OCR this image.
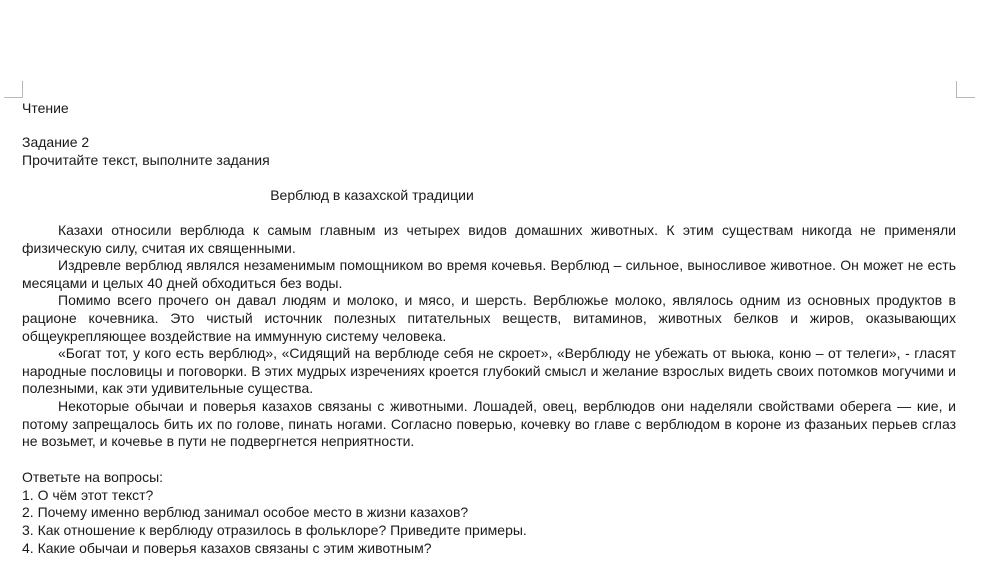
Чтение

Задание 2

Прочитайте текст, выполните задания

Верблюд в казахской традиции

Казахи относили верблюда к самым главным из четырех видов домашних животных. К этим существам никогда не применяли физическую силу, считая их священными.

Издревле верблюд являлся незаменимым помощником во время кочевья. Верблюд – сильное, выносливое животное. Он может не есть месяцами и целых 40 дней обходиться без воды.

Помимо всего прочего он давал людям и молоко, и мясо, и шерсть. Верблюжье молоко, являлось одним из основных продуктов в рационе кочевника. Это чистый источник полезных питательных веществ, витаминов, животных белков и жиров, оказывающих общеукрепляющее воздействие на иммунную систему человека.

«Богат тот, у кого есть верблюд», «Сидящий на верблюде себя не скроет», «Верблюду не убежать от вьюка, коню – от телеги», - гласят народные пословицы и поговорки. В этих мудрых изречениях кроется глубокий смысл и желание взрослых видеть своих потомков могучими и полезными, как эти удивительные существа.

Некоторые обычаи и поверья казахов связаны с животными. Лошадей, овец, верблюдов они наделяли свойствами оберега — кие, и потому запрещалось бить их по голове, пинать ногами. Согласно поверью, кочевку во главе с верблюдом в короне из фазаньих перьев сглаз не возьмет, и кочевье в пути не подвергнется неприятности.

Ответьте на вопросы:

1. О чём этот текст?

2. Почему именно верблюд занимал особое место в жизни казахов?

3. Как отношение к верблюду отразилось в фольклоре? Приведите примеры.

4. Какие обычаи и поверья казахов связаны с этим животным?
